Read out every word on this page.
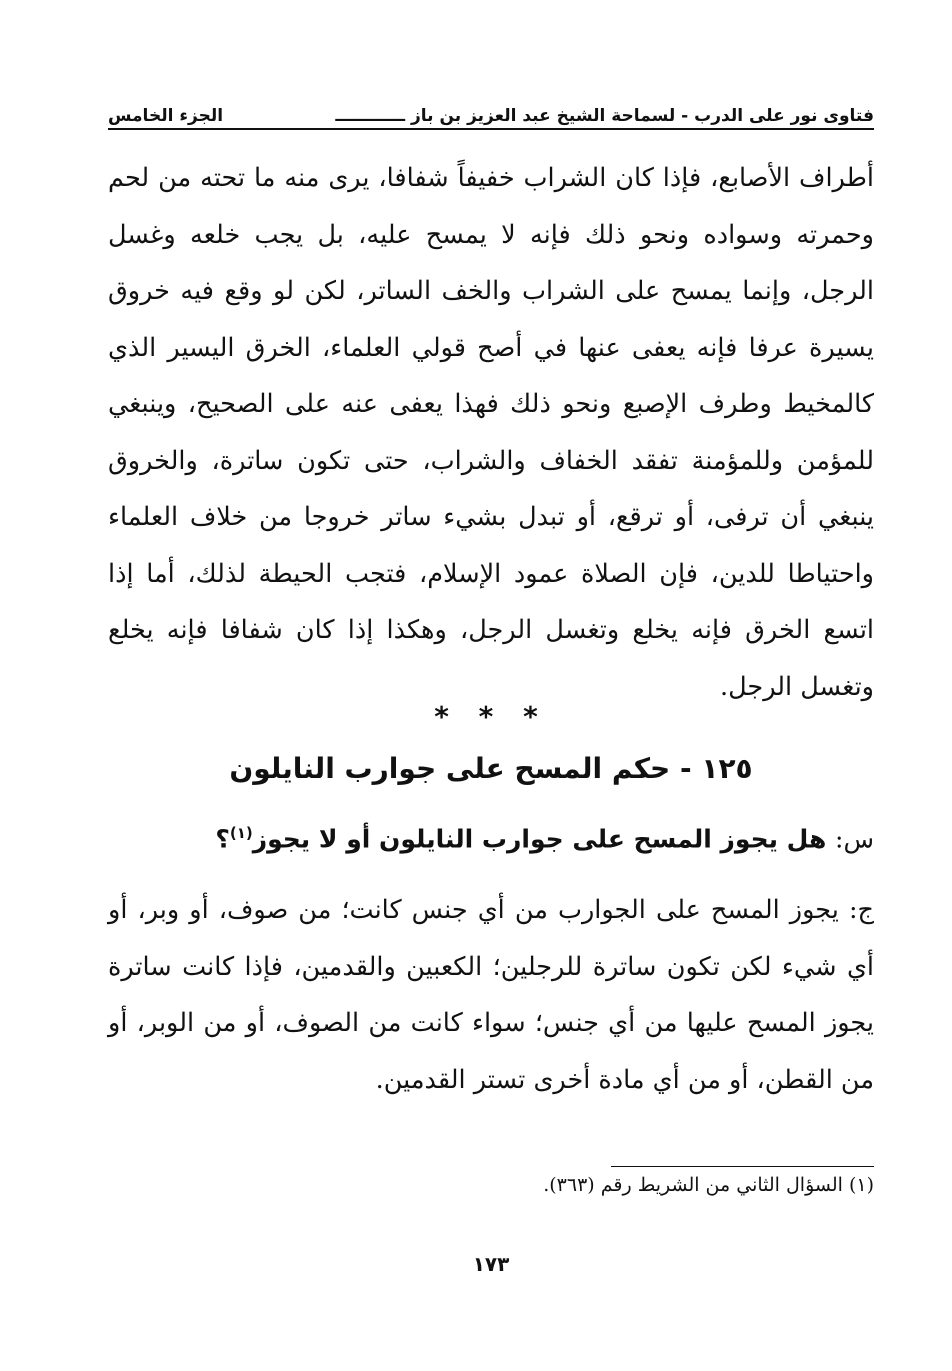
فتاوى نور على الدرب - لسماحة الشيخ عبد العزيز بن باز ــــــــــــ
الجزء الخامس

أطراف الأصابع، فإذا كان الشراب خفيفاً شفافا، يرى منه ما تحته من لحم وحمرته وسواده ونحو ذلك فإنه لا يمسح عليه، بل يجب خلعه وغسل الرجل، وإنما يمسح على الشراب والخف الساتر، لكن لو وقع فيه خروق يسيرة عرفا فإنه يعفى عنها في أصح قولي العلماء، الخرق اليسير الذي كالمخيط وطرف الإصبع ونحو ذلك فهذا يعفى عنه على الصحيح، وينبغي للمؤمن وللمؤمنة تفقد الخفاف والشراب، حتى تكون ساترة، والخروق ينبغي أن ترفى، أو ترقع، أو تبدل بشيء ساتر خروجا من خلاف العلماء واحتياطا للدين، فإن الصلاة عمود الإسلام، فتجب الحيطة لذلك، أما إذا اتسع الخرق فإنه يخلع وتغسل الرجل، وهكذا إذا كان شفافا فإنه يخلع وتغسل الرجل.

* * *
١٢٥ - حكم المسح على جوارب النايلون
س: هل يجوز المسح على جوارب النايلون أو لا يجوز$^{(١)}$؟

ج: يجوز المسح على الجوارب من أي جنس كانت؛ من صوف، أو وبر، أو أي شيء لكن تكون ساترة للرجلين؛ الكعبين والقدمين، فإذا كانت ساترة يجوز المسح عليها من أي جنس؛ سواء كانت من الصوف، أو من الوبر، أو من القطن، أو من أي مادة أخرى تستر القدمين.

(١) السؤال الثاني من الشريط رقم (٣٦٣).
١٧٣
